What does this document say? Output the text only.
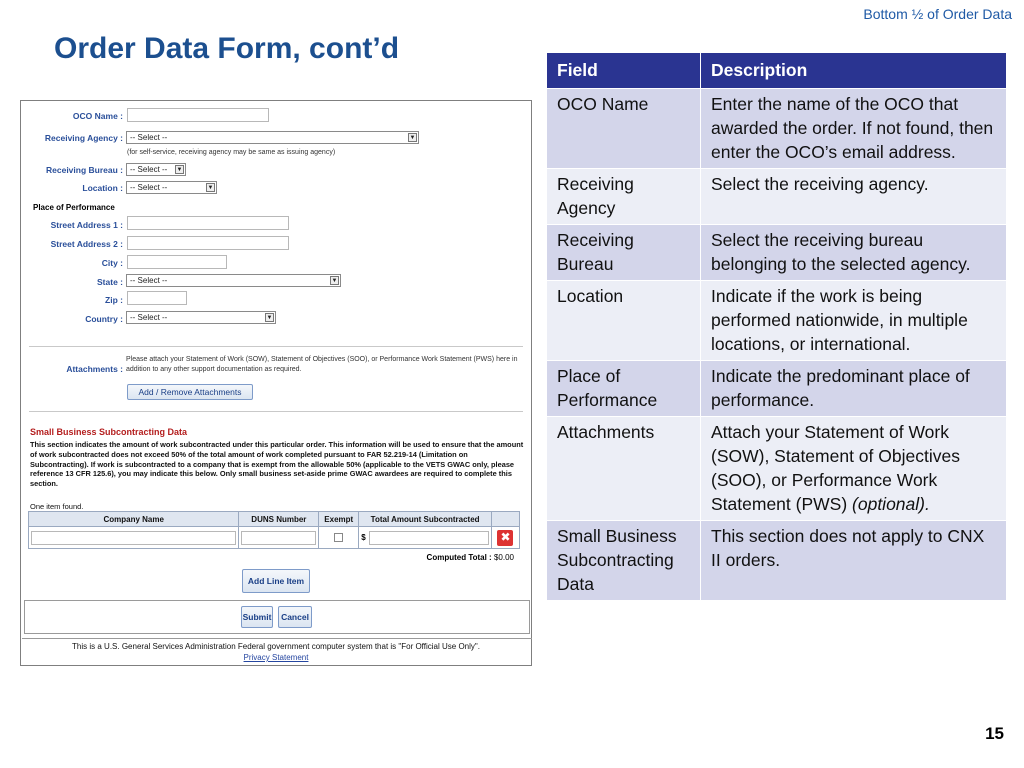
Bottom ½ of Order Data
Order Data Form, cont’d
OCO Name :
Receiving Agency : -- Select --	▼
(for self-service, receiving agency may be same as issuing agency)
Receiving Bureau : -- Select -- ▼
Location : -- Select --	▼
Place of Performance
Street Address 1 :
Street Address 2 :
City :
State : -- Select --	▼
Zip :
Country : -- Select --	▼
Attachments :
Please attach your Statement of Work (SOW), Statement of Objectives (SOO), or Performance Work Statement (PWS) here in addition to any other support documentation as required.
Add / Remove Attachments
Small Business Subcontracting Data
This section indicates the amount of work subcontracted under this particular order. This information will be used to ensure that the amount of work subcontracted does not exceed 50% of the total amount of work completed pursuant to FAR 52.219-14 (Limitation on Subcontracting). If work is subcontracted to a company that is exempt from the allowable 50% (applicable to the VETS GWAC only, please reference 13 CFR 125.6), you may indicate this below. Only small business set-aside prime GWAC awardees are required to complete this section.
One item found.
Company Name	DUNS Number	Exempt	Total Amount Subcontracted	

			$	✖
Computed Total : $0.00
Add Line Item
Submit	Cancel
This is a U.S. General Services Administration Federal government computer system that is "For Official Use Only".
Privacy Statement
Field	Description
OCO Name	Enter the name of the OCO that awarded the order. If not found, then enter the OCO’s email address.
Receiving Agency	Select the receiving agency.
Receiving Bureau	Select the receiving bureau belonging to the selected agency.
Location	Indicate if the work is being performed nationwide, in multiple locations, or international.
Place of Performance	Indicate the predominant place of performance.
Attachments	Attach your Statement of Work (SOW), Statement of Objectives (SOO), or Performance Work Statement (PWS) (optional).
Small Business Subcontracting Data	This section does not apply to CNX II orders.
15
